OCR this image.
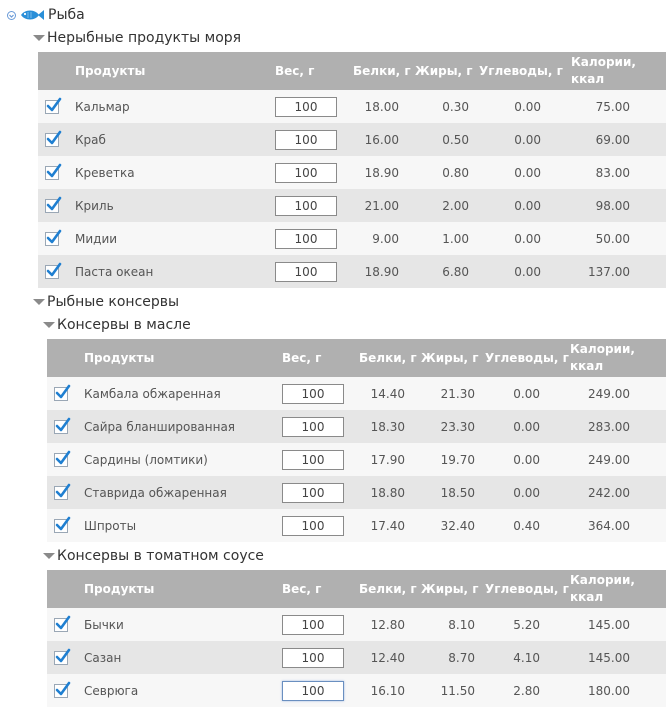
Рыба
Нерыбные продукты моря
	Продукты	Вес, г	Белки, г	Жиры, г	Углеводы, г	Калории, ккал

	Кальмар	100	18.00	0.30	0.00	75.00

	Краб	100	16.00	0.50	0.00	69.00

	Креветка	100	18.90	0.80	0.00	83.00

	Криль	100	21.00	2.00	0.00	98.00

	Мидии	100	9.00	1.00	0.00	50.00

	Паста океан	100	18.90	6.80	0.00	137.00
Рыбные консервы
Консервы в масле
	Продукты	Вес, г	Белки, г	Жиры, г	Углеводы, г	Калории, ккал

	Камбала обжаренная	100	14.40	21.30	0.00	249.00

	Сайра бланшированная	100	18.30	23.30	0.00	283.00

	Сардины (ломтики)	100	17.90	19.70	0.00	249.00

	Ставрида обжаренная	100	18.80	18.50	0.00	242.00

	Шпроты	100	17.40	32.40	0.40	364.00
Консервы в томатном соусе
	Продукты	Вес, г	Белки, г	Жиры, г	Углеводы, г	Калории, ккал

	Бычки	100	12.80	8.10	5.20	145.00

	Сазан	100	12.40	8.70	4.10	145.00

	Севрюга	100	16.10	11.50	2.80	180.00
